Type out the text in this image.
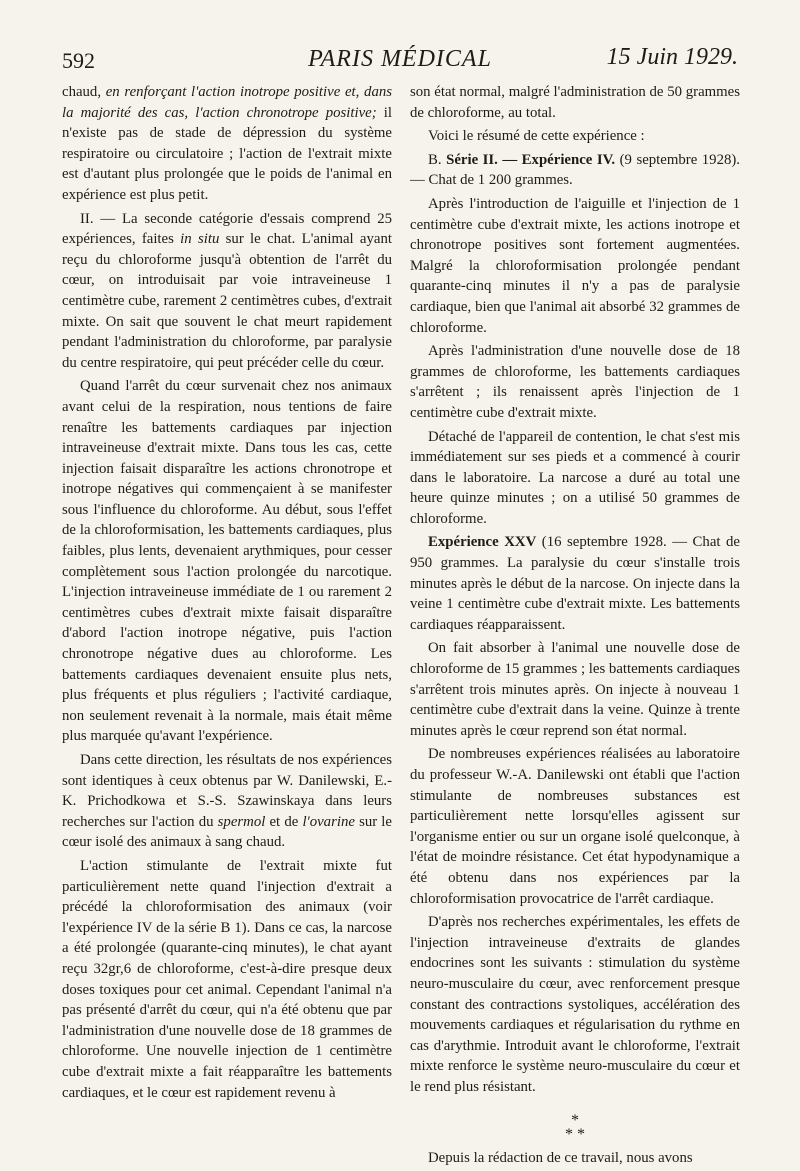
592	PARIS MÉDICAL	15 Juin 1929.

chaud, en renforçant l'action inotrope positive et, dans la majorité des cas, l'action chronotrope positive; il n'existe pas de stade de dépression du système respiratoire ou circulatoire ; l'action de l'extrait mixte est d'autant plus prolongée que le poids de l'animal en expérience est plus petit.

II. — La seconde catégorie d'essais comprend 25 expériences, faites in situ sur le chat. L'animal ayant reçu du chloroforme jusqu'à obtention de l'arrêt du cœur, on introduisait par voie intraveineuse 1 centimètre cube, rarement 2 centimètres cubes, d'extrait mixte. On sait que souvent le chat meurt rapidement pendant l'administration du chloroforme, par paralysie du centre respiratoire, qui peut précéder celle du cœur.

Quand l'arrêt du cœur survenait chez nos animaux avant celui de la respiration, nous tentions de faire renaître les battements cardiaques par injection intraveineuse d'extrait mixte. Dans tous les cas, cette injection faisait disparaître les actions chronotrope et inotrope négatives qui commençaient à se manifester sous l'influence du chloroforme. Au début, sous l'effet de la chloroformisation, les battements cardiaques, plus faibles, plus lents, devenaient arythmiques, pour cesser complètement sous l'action prolongée du narcotique. L'injection intraveineuse immédiate de 1 ou rarement 2 centimètres cubes d'extrait mixte faisait disparaître d'abord l'action inotrope négative, puis l'action chronotrope négative dues au chloroforme. Les battements cardiaques devenaient ensuite plus nets, plus fréquents et plus réguliers ; l'activité cardiaque, non seulement revenait à la normale, mais était même plus marquée qu'avant l'expérience.

Dans cette direction, les résultats de nos expériences sont identiques à ceux obtenus par W. Danilewski, E.-K. Prichodkowa et S.-S. Szawinskaya dans leurs recherches sur l'action du spermol et de l'ovarine sur le cœur isolé des animaux à sang chaud.

L'action stimulante de l'extrait mixte fut particulièrement nette quand l'injection d'extrait a précédé la chloroformisation des animaux (voir l'expérience IV de la série B 1). Dans ce cas, la narcose a été prolongée (quarante-cinq minutes), le chat ayant reçu 32gr,6 de chloroforme, c'est-à-dire presque deux doses toxiques pour cet animal. Cependant l'animal n'a pas présenté d'arrêt du cœur, qui n'a été obtenu que par l'administration d'une nouvelle dose de 18 grammes de chloroforme. Une nouvelle injection de 1 centimètre cube d'extrait mixte a fait réapparaître les battements cardiaques, et le cœur est rapidement revenu à

son état normal, malgré l'administration de 50 grammes de chloroforme, au total.

Voici le résumé de cette expérience :

B. Série II. — Expérience IV. (9 septembre 1928). — Chat de 1 200 grammes.

Après l'introduction de l'aiguille et l'injection de 1 centimètre cube d'extrait mixte, les actions inotrope et chronotrope positives sont fortement augmentées. Malgré la chloroformisation prolongée pendant quarante-cinq minutes il n'y a pas de paralysie cardiaque, bien que l'animal ait absorbé 32 grammes de chloroforme.

Après l'administration d'une nouvelle dose de 18 grammes de chloroforme, les battements cardiaques s'arrêtent ; ils renaissent après l'injection de 1 centimètre cube d'extrait mixte.

Détaché de l'appareil de contention, le chat s'est mis immédiatement sur ses pieds et a commencé à courir dans le laboratoire. La narcose a duré au total une heure quinze minutes ; on a utilisé 50 grammes de chloroforme.

Expérience XXV (16 septembre 1928. — Chat de 950 grammes. La paralysie du cœur s'installe trois minutes après le début de la narcose. On injecte dans la veine 1 centimètre cube d'extrait mixte. Les battements cardiaques réapparaissent.

On fait absorber à l'animal une nouvelle dose de chloroforme de 15 grammes ; les battements cardiaques s'arrêtent trois minutes après. On injecte à nouveau 1 centimètre cube d'extrait dans la veine. Quinze à trente minutes après le cœur reprend son état normal.

De nombreuses expériences réalisées au laboratoire du professeur W.-A. Danilewski ont établi que l'action stimulante de nombreuses substances est particulièrement nette lorsqu'elles agissent sur l'organisme entier ou sur un organe isolé quelconque, à l'état de moindre résistance. Cet état hypodynamique a été obtenu dans nos expériences par la chloroformisation provocatrice de l'arrêt cardiaque.

D'après nos recherches expérimentales, les effets de l'injection intraveineuse d'extraits de glandes endocrines sont les suivants : stimulation du système neuro-musculaire du cœur, avec renforcement presque constant des contractions systoliques, accélération des mouvements cardiaques et régularisation du rythme en cas d'arythmie. Introduit avant le chloroforme, l'extrait mixte renforce le système neuro-musculaire du cœur et le rend plus résistant.

*
* *

Depuis la rédaction de ce travail, nous avons
